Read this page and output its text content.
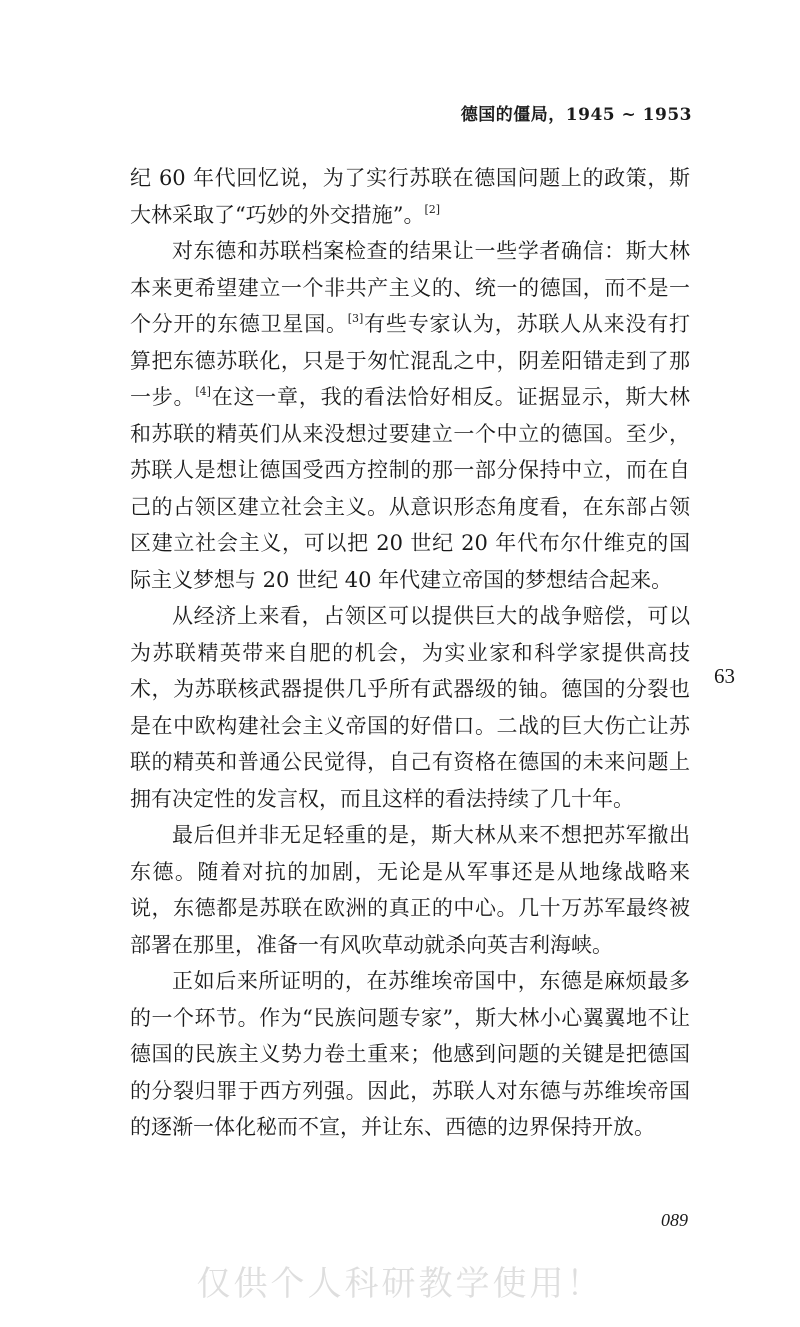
德国的僵局，1945 ~ 1953

纪 60 年代回忆说，为了实行苏联在德国问题上的政策，斯大林采取了“巧妙的外交措施”。[2]

对东德和苏联档案检查的结果让一些学者确信：斯大林本来更希望建立一个非共产主义的、统一的德国，而不是一个分开的东德卫星国。[3]有些专家认为，苏联人从来没有打算把东德苏联化，只是于匆忙混乱之中，阴差阳错走到了那一步。[4]在这一章，我的看法恰好相反。证据显示，斯大林和苏联的精英们从来没想过要建立一个中立的德国。至少，苏联人是想让德国受西方控制的那一部分保持中立，而在自己的占领区建立社会主义。从意识形态角度看，在东部占领区建立社会主义，可以把 20 世纪 20 年代布尔什维克的国际主义梦想与 20 世纪 40 年代建立帝国的梦想结合起来。

从经济上来看，占领区可以提供巨大的战争赔偿，可以为苏联精英带来自肥的机会，为实业家和科学家提供高技术，为苏联核武器提供几乎所有武器级的铀。德国的分裂也是在中欧构建社会主义帝国的好借口。二战的巨大伤亡让苏联的精英和普通公民觉得，自己有资格在德国的未来问题上拥有决定性的发言权，而且这样的看法持续了几十年。

最后但并非无足轻重的是，斯大林从来不想把苏军撤出东德。随着对抗的加剧，无论是从军事还是从地缘战略来说，东德都是苏联在欧洲的真正的中心。几十万苏军最终被部署在那里，准备一有风吹草动就杀向英吉利海峡。

正如后来所证明的，在苏维埃帝国中，东德是麻烦最多的一个环节。作为“民族问题专家”，斯大林小心翼翼地不让德国的民族主义势力卷土重来；他感到问题的关键是把德国的分裂归罪于西方列强。因此，苏联人对东德与苏维埃帝国的逐渐一体化秘而不宣，并让东、西德的边界保持开放。

63
089
仅供个人科研教学使用！
